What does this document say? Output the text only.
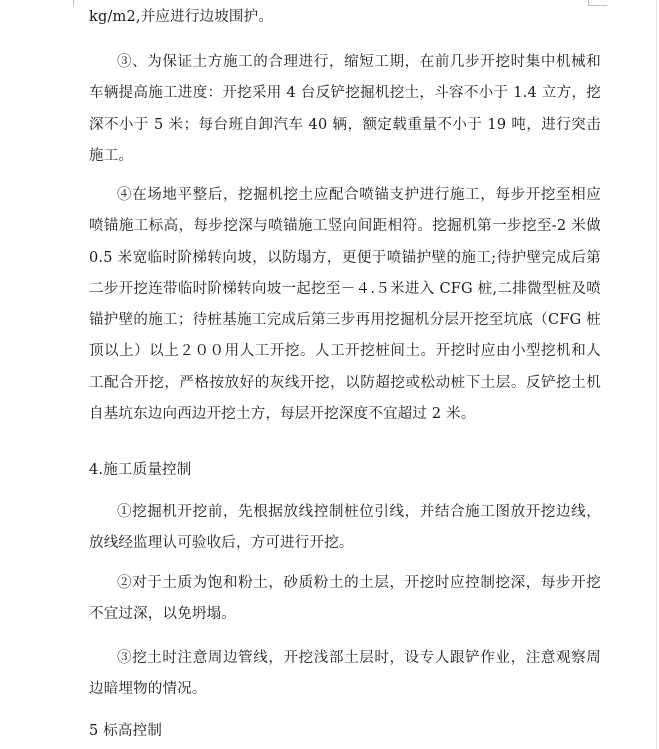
kg/m2,并应进行边坡围护。

③、为保证土方施工的合理进行，缩短工期，在前几步开挖时集中机械和车辆提高施工进度：开挖采用 4 台反铲挖掘机挖土，斗容不小于 1.4 立方，挖深不小于 5 米；每台班自卸汽车 40 辆，额定载重量不小于 19 吨，进行突击施工。

④在场地平整后，挖掘机挖土应配合喷锚支护进行施工，每步开挖至相应喷锚施工标高，每步挖深与喷锚施工竖向间距相符。挖掘机第一步挖至-2 米做 0.5 米宽临时阶梯转向坡，以防塌方，更便于喷锚护壁的施工;待护壁完成后第二步开挖连带临时阶梯转向坡一起挖至－４.５米进入 CFG 桩,二排微型桩及喷锚护壁的施工；待桩基施工完成后第三步再用挖掘机分层开挖至坑底（CFG 桩顶以上）以上２００用人工开挖。人工开挖桩间土。开挖时应由小型挖机和人工配合开挖，严格按放好的灰线开挖，以防超挖或松动桩下土层。反铲挖土机自基坑东边向西边开挖土方，每层开挖深度不宜超过 2 米。

4.施工质量控制

①挖掘机开挖前，先根据放线控制桩位引线，并结合施工图放开挖边线，放线经监理认可验收后，方可进行开挖。

②对于土质为饱和粉土，砂质粉土的土层，开挖时应控制挖深，每步开挖不宜过深，以免坍塌。

③挖土时注意周边管线，开挖浅部土层时，设专人跟铲作业，注意观察周边暗埋物的情况。

5 标高控制
